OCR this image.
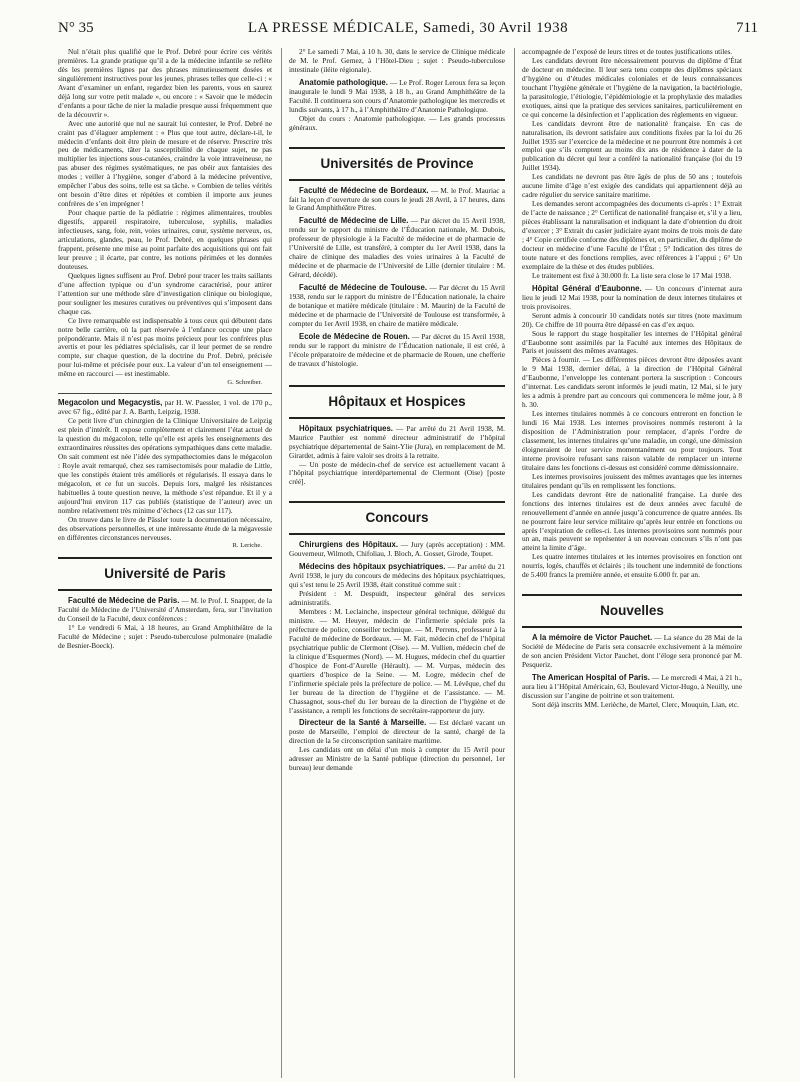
N° 35	LA PRESSE MÉDICALE, Samedi, 30 Avril 1938	711

Nul n’était plus qualifié que le Prof. Debré pour écrire ces vérités premières. La grande pratique qu’il a de la médecine infantile se reflète dès les premières lignes par des phrases minutieusement dosées et singulièrement instructives pour les jeunes, phrases telles que celle-ci : « Avant d’examiner un enfant, regardez bien les parents, vous en saurez déjà long sur votre petit malade », ou encore : « Savoir que le médecin d’enfants a pour tâche de nier la maladie presque aussi fréquemment que de la découvrir ».

Avec une autorité que nul ne saurait lui contester, le Prof. Debré ne craint pas d’élaguer amplement : « Plus que tout autre, déclare-t-il, le médecin d’enfants doit être plein de mesure et de réserve. Prescrire très peu de médicaments, tâter la susceptibilité de chaque sujet, ne pas multiplier les injections sous-cutanées, craindre la voie intraveineuse, ne pas abuser des régimes systématiques, ne pas obéir aux fantaisies des modes ; veiller à l’hygiène, songer d’abord à la médecine préventive, empêcher l’abus des soins, telle est sa tâche. » Combien de telles vérités ont besoin d’être dites et répétées et combien il importe aux jeunes confrères de s’en imprégner !

Pour chaque partie de la pédiatrie : régimes alimentaires, troubles digestifs, appareil respiratoire, tuberculose, syphilis, maladies infectieuses, sang, foie, rein, voies urinaires, cœur, système nerveux, os, articulations, glandes, peau, le Prof. Debré, en quelques phrases qui frappent, présente une mise au point parfaite des acquisitions qui ont fait leur preuve ; il écarte, par contre, les notions périmées et les données douteuses.

Quelques lignes suffisent au Prof. Debré pour tracer les traits saillants d’une affection typique ou d’un syndrome caractérisé, pour attirer l’attention sur une méthode sûre d’investigation clinique ou biologique, pour souligner les mesures curatives ou préventives qui s’imposent dans chaque cas.

Ce livre remarquable est indispensable à tous ceux qui débutent dans notre belle carrière, où la part réservée à l’enfance occupe une place prépondérante. Mais il n’est pas moins précieux pour les confrères plus avertis et pour les pédiatres spécialisés, car il leur permet de se rendre compte, sur chaque question, de la doctrine du Prof. Debré, précisée pour lui-même et précisée pour eux. La valeur d’un tel enseignement — même en raccourci — est inestimable.

G. Schreiber.

Megacolon und Megacystis, par H. W. Paessler, 1 vol. de 170 p., avec 67 fig., édité par J. A. Barth, Leipzig, 1938.

Ce petit livre d’un chirurgien de la Clinique Universitaire de Leipzig est plein d’intérêt. Il expose complètement et clairement l’état actuel de la question du mégacolon, telle qu’elle est après les enseignements des extraordinaires réussites des opérations sympathiques dans cette maladie. On sait comment est née l’idée des sympathectomies dans le mégacolon : Royle avait remarqué, chez ses ramisectomisés pour maladie de Little, que les constipés étaient très améliorés et régularisés. Il essaya dans le mégacolon, et ce fut un succès. Depuis lors, malgré les résistances habituelles à toute question neuve, la méthode s’est répandue. Et il y a aujourd’hui environ 117 cas publiés (statistique de l’auteur) avec un nombre relativement très minime d’échecs (12 cas sur 117).

On trouve dans le livre de Pässler toute la documentation nécessaire, des observations personnelles, et une intéressante étude de la mégavessie en différentes circonstances nerveuses.

R. Leriche.
Université de Paris

Faculté de Médecine de Paris. — M. le Prof. I. Snapper, de la Faculté de Médecine de l’Université d’Amsterdam, fera, sur l’invitation du Conseil de la Faculté, deux conférences :

1° Le vendredi 6 Mai, à 18 heures, au Grand Amphithéâtre de la Faculté de Médecine ; sujet : Pseudo-tuberculose pulmonaire (maladie de Besnier-Boeck).

2° Le samedi 7 Mai, à 10 h. 30, dans le service de Clinique médicale de M. le Prof. Gernez, à l’Hôtel-Dieu ; sujet : Pseudo-tuberculose intestinale (iléite régionale).

Anatomie pathologique. — Le Prof. Roger Leroux fera sa leçon inaugurale le lundi 9 Mai 1938, à 18 h., au Grand Amphithéâtre de la Faculté. Il continuera son cours d’Anatomie pathologique les mercredis et lundis suivants, à 17 h., à l’Amphithéâtre d’Anatomie Pathologique.

Objet du cours : Anatomie pathologique. — Les grands processus généraux.

Universités de Province

Faculté de Médecine de Bordeaux. — M. le Prof. Mauriac a fait la leçon d’ouverture de son cours le jeudi 28 Avril, à 17 heures, dans le Grand Amphithéâtre Pitres.

Faculté de Médecine de Lille. — Par décret du 15 Avril 1938, rendu sur le rapport du ministre de l’Éducation nationale, M. Dubois, professeur de physiologie à la Faculté de médecine et de pharmacie de l’Université de Lille, est transféré, à compter du 1er Avril 1938, dans la chaire de clinique des maladies des voies urinaires à la Faculté de médecine et de pharmacie de l’Université de Lille (dernier titulaire : M. Gérard, décédé).

Faculté de Médecine de Toulouse. — Par décret du 15 Avril 1938, rendu sur le rapport du ministre de l’Éducation nationale, la chaire de botanique et matière médicale (titulaire : M. Maurin) de la Faculté de médecine et de pharmacie de l’Université de Toulouse est transformée, à compter du 1er Avril 1938, en chaire de matière médicale.

Ecole de Médecine de Rouen. — Par décret du 15 Avril 1938, rendu sur le rapport du ministre de l’Éducation nationale, il est créé, à l’école préparatoire de médecine et de pharmacie de Rouen, une chefferie de travaux d’histologie.

Hôpitaux et Hospices

Hôpitaux psychiatriques. — Par arrêté du 21 Avril 1938, M. Maurice Pauthier est nommé directeur administratif de l’hôpital psychiatrique départemental de Saint-Ylie (Jura), en remplacement de M. Girardet, admis à faire valoir ses droits à la retraite.

— Un poste de médecin-chef de service est actuellement vacant à l’hôpital psychiatrique interdépartemental de Clermont (Oise) [poste créé].

Concours

Chirurgiens des Hôpitaux. — Jury (après acceptation) : MM. Gouverneur, Wilmoth, Chifoliau, J. Bloch, A. Gosset, Girode, Toupet.

Médecins des hôpitaux psychiatriques. — Par arrêté du 21 Avril 1938, le jury du concours de médecins des hôpitaux psychiatriques, qui s’est tenu le 25 Avril 1938, était constitué comme suit :

Président : M. Despuidt, inspecteur général des services administratifs.

Membres : M. Leclainche, inspecteur général technique, délégué du ministre. — M. Heuyer, médecin de l’infirmerie spéciale près la préfecture de police, conseiller technique. — M. Perrens, professeur à la Faculté de médecine de Bordeaux. — M. Fait, médecin chef de l’hôpital psychiatrique public de Clermont (Oise). — M. Vullien, médecin chef de la clinique d’Esquermes (Nord). — M. Hugues, médecin chef du quartier d’hospice de Font-d’Aurelle (Hérault). — M. Vurpas, médecin des quartiers d’hospice de la Seine. — M. Logre, médecin chef de l’infirmerie spéciale près la préfecture de police. — M. Lévêque, chef du 1er bureau de la direction de l’hygiène et de l’assistance. — M. Chassagnot, sous-chef du 1er bureau de la direction de l’hygiène et de l’assistance, a rempli les fonctions de secrétaire-rapporteur du jury.

Directeur de la Santé à Marseille. — Est déclaré vacant un poste de Marseille, l’emploi de directeur de la santé, chargé de la direction de la 5e circonscription sanitaire maritime.

Les candidats ont un délai d’un mois à compter du 15 Avril pour adresser au Ministre de la Santé publique (direction du personnel, 1er bureau) leur demande

accompagnée de l’exposé de leurs titres et de toutes justifications utiles.

Les candidats devront être nécessairement pourvus du diplôme d’État de docteur en médecine. Il leur sera tenu compte des diplômes spéciaux d’hygiène ou d’études médicales coloniales et de leurs connaissances touchant l’hygiène générale et l’hygiène de la navigation, la bactériologie, la parasitologie, l’étiologie, l’épidémiologie et la prophylaxie des maladies exotiques, ainsi que la pratique des services sanitaires, particulièrement en ce qui concerne la désinfection et l’application des règlements en vigueur.

Les candidats devront être de nationalité française. En cas de naturalisation, ils devront satisfaire aux conditions fixées par la loi du 26 Juillet 1935 sur l’exercice de la médecine et ne pourront être nommés à cet emploi que s’ils comptent au moins dix ans de résidence à dater de la publication du décret qui leur a conféré la nationalité française (loi du 19 Juillet 1934).

Les candidats ne devront pas être âgés de plus de 50 ans ; toutefois aucune limite d’âge n’est exigée des candidats qui appartiennent déjà au cadre régulier du service sanitaire maritime.

Les demandes seront accompagnées des documents ci-après : 1° Extrait de l’acte de naissance ; 2° Certificat de nationalité française et, s’il y a lieu, pièces établissant la naturalisation et indiquant la date d’obtention du droit d’exercer ; 3° Extrait du casier judiciaire ayant moins de trois mois de date ; 4° Copie certifiée conforme des diplômes et, en particulier, du diplôme de docteur en médecine d’une Faculté de l’État ; 5° Indication des titres de toute nature et des fonctions remplies, avec références à l’appui ; 6° Un exemplaire de la thèse et des études publiées.

Le traitement est fixé à 30.000 fr. La liste sera close le 17 Mai 1938.

Hôpital Général d’Eaubonne. — Un concours d’internat aura lieu le jeudi 12 Mai 1938, pour la nomination de deux internes titulaires et trois provisoires.

Seront admis à concourir 10 candidats notés sur titres (note maximum 20). Ce chiffre de 10 pourra être dépassé en cas d’ex æquo.

Sous le rapport du stage hospitalier les internes de l’Hôpital général d’Eaubonne sont assimilés par la Faculté aux internes des Hôpitaux de Paris et jouissent des mêmes avantages.

Pièces à fournir. — Les différentes pièces devront être déposées avant le 9 Mai 1938, dernier délai, à la direction de l’Hôpital Général d’Eaubonne, l’enveloppe les contenant portera la suscription : Concours d’internat. Les candidats seront informés le jeudi matin, 12 Mai, si le jury les a admis à prendre part au concours qui commencera le même jour, à 8 h. 30.

Les internes titulaires nommés à ce concours entreront en fonction le lundi 16 Mai 1938. Les internes provisoires nommés resteront à la disposition de l’Administration pour remplacer, d’après l’ordre de classement, les internes titulaires qu’une maladie, un congé, une démission éloigneraient de leur service momentanément ou pour toujours. Tout interne provisoire refusant sans raison valable de remplacer un interne titulaire dans les fonctions ci-dessus est considéré comme démissionnaire.

Les internes provisoires jouissent des mêmes avantages que les internes titulaires pendant qu’ils en remplissent les fonctions.

Les candidats devront être de nationalité française. La durée des fonctions des internes titulaires est de deux années avec faculté de renouvellement d’année en année jusqu’à concurrence de quatre années. Ils ne pourront faire leur service militaire qu’après leur entrée en fonctions ou après l’expiration de celles-ci. Les internes provisoires sont nommés pour un an, mais peuvent se représenter à un nouveau concours s’ils n’ont pas atteint la limite d’âge.

Les quatre internes titulaires et les internes provisoires en fonction ont nourris, logés, chauffés et éclairés ; ils touchent une indemnité de fonctions de 5.400 francs la première année, et ensuite 6.000 fr. par an.

Nouvelles

A la mémoire de Victor Pauchet. — La séance du 28 Mai de la Société de Médecine de Paris sera consacrée exclusivement à la mémoire de son ancien Président Victor Pauchet, dont l’éloge sera prononcé par M. Pesqueriz.

The American Hospital of Paris. — Le mercredi 4 Mai, à 21 h., aura lieu à l’Hôpital Américain, 63, Boulevard Victor-Hugo, à Neuilly, une discussion sur l’angine de poitrine et son traitement.

Sont déjà inscrits MM. Lerièche, de Martel, Clerc, Mouquin, Lian, etc.
